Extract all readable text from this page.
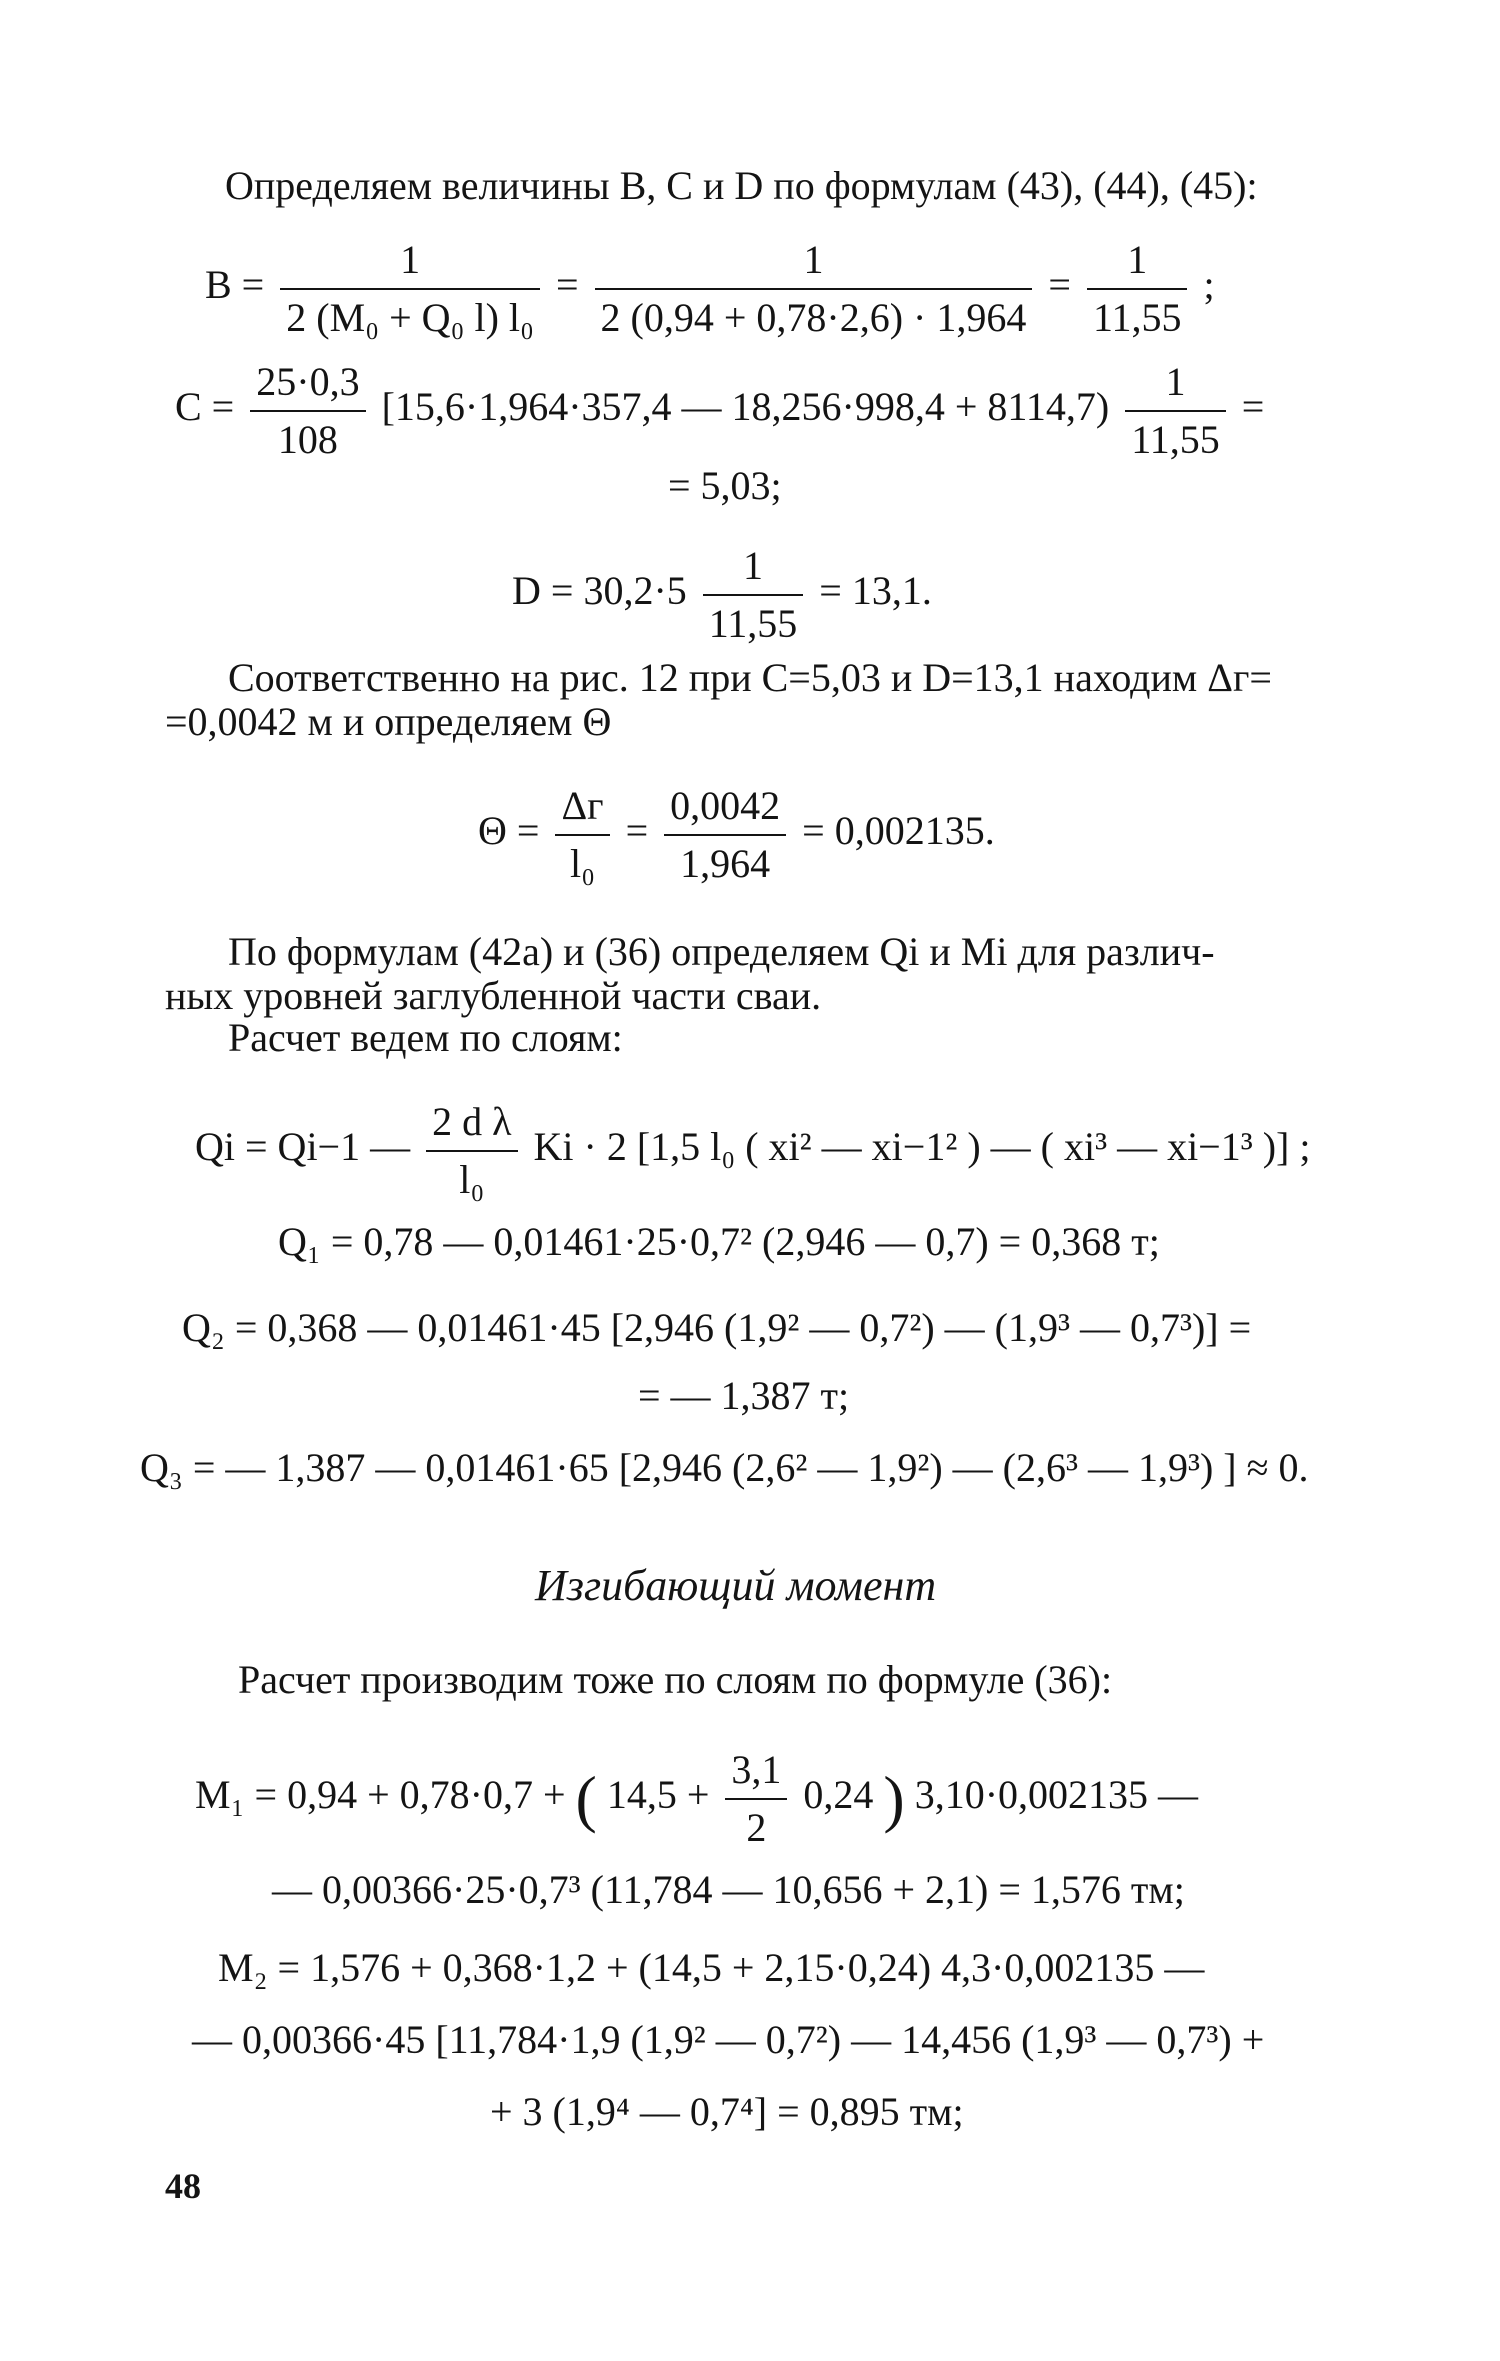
Определяем величины B, C и D по формулам (43), (44), (45):
$B = \frac{1}{\text{2 (M₀ + Q₀ l) l₀}} = \frac{1}{2 (0,94 + 0,78\cdot 2,6) \cdot 1,964} = \frac{1}{11,55}$ ;
$C = \frac{25\cdot 0,3}{108} [15,6\cdot 1,964\cdot 357,4$ — $18,256\cdot 998,4 + 8114,7) \frac{1}{11,55}$ =
= 5,03;
$D = 30,2\cdot 5 \frac{1}{11,55} = 13,1$.
Соответственно на рис. 12 при C=5,03 и D=13,1 находим Δг=
=0,0042 м и определяем Θ
Θ =
Δг
l₀
= $\frac{0,0042}{1,964} = 0,002135$.
По формулам (42а) и (36) определяем Qi и Mi для различ-
ных уровней заглубленной части сваи.
Расчет ведем по слоям:
Qi = Qi−1 — $\frac{\text{2 d λ}}{\text{l₀}}$ Ki · 2 [1,5 l₀ ( xi² — xi−1² ) — ( xi³ — xi−1³ )] ;
Q₁ = 0,78 — 0,01461·25·0,7² (2,946 — 0,7) = 0,368 т;
Q₂ = 0,368 — 0,01461·45 [2,946 (1,9² — 0,7²) — (1,9³ — 0,7³)] =
= — 1,387 т;
Q₃ = — 1,387 — 0,01461·65 [2,946 (2,6² — 1,9²) — (2,6³ — 1,9³) ] ≈ 0.
Изгибающий момент
Расчет производим тоже по слоям по формуле (36):
M₁ = 0,94 + 0,78·0,7 + ( $14,5 + \frac{3,1}{2} 0,24$ ) 3,10·0,002135 —
— 0,00366·25·0,7³ (11,784 — 10,656 + 2,1) = 1,576 тм;
M₂ = 1,576 + 0,368·1,2 + (14,5 + 2,15·0,24) 4,3·0,002135 —
— 0,00366·45 [11,784·1,9 (1,9² — 0,7²) — 14,456 (1,9³ — 0,7³) +
+ 3 (1,9⁴ — 0,7⁴] = 0,895 тм;
48
